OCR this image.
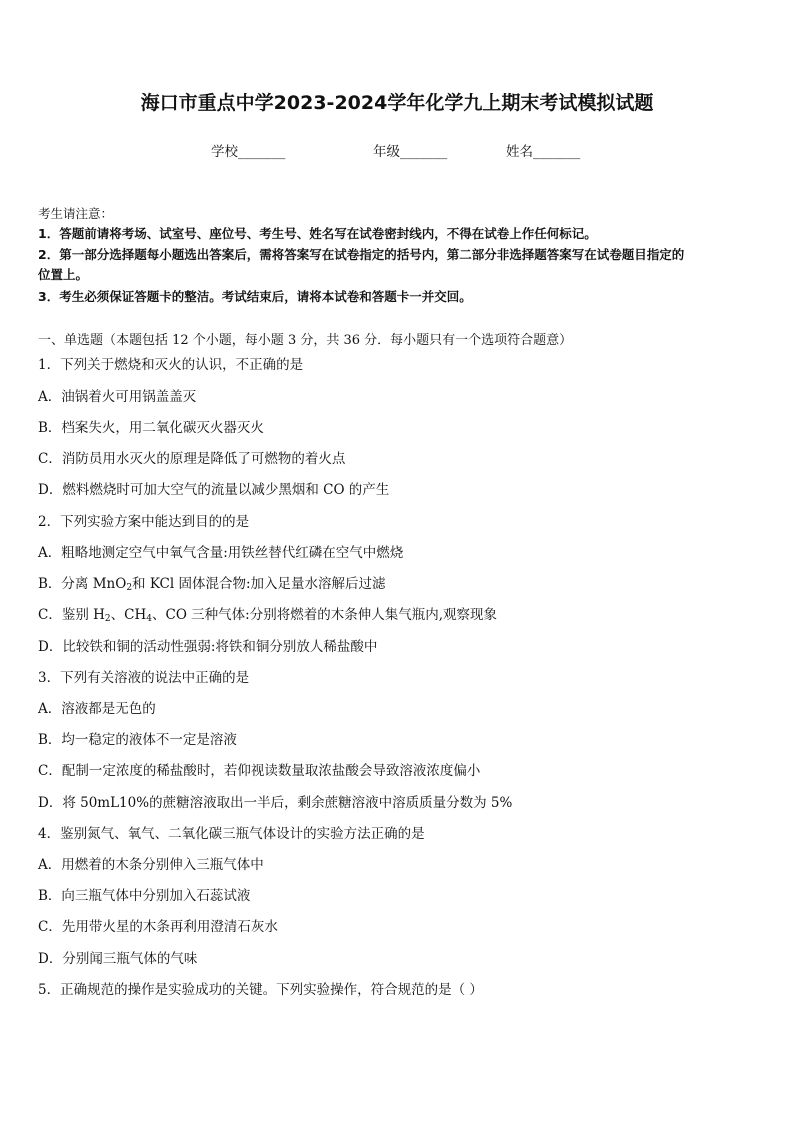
海口市重点中学2023-2024学年化学九上期末考试模拟试题
学校_______	年级_______	姓名_______
考生请注意：
1．答题前请将考场、试室号、座位号、考生号、姓名写在试卷密封线内，不得在试卷上作任何标记。
2．第一部分选择题每小题选出答案后，需将答案写在试卷指定的括号内，第二部分非选择题答案写在试卷题目指定的
位置上。
3．考生必须保证答题卡的整洁。考试结束后，请将本试卷和答题卡一并交回。
一、单选题（本题包括 12 个小题，每小题 3 分，共 36 分．每小题只有一个选项符合题意）
1．下列关于燃烧和灭火的认识，不正确的是
A．油锅着火可用锅盖盖灭
B．档案失火，用二氧化碳灭火器灭火
C．消防员用水灭火的原理是降低了可燃物的着火点
D．燃料燃烧时可加大空气的流量以减少黑烟和 CO 的产生
2．下列实验方案中能达到目的的是
A．粗略地测定空气中氧气含量:用铁丝替代红磷在空气中燃烧
B．分离 MnO$_2$和 KCl 固体混合物:加入足量水溶解后过滤
C．鉴别 $H_2$、$CH_4$、CO 三种气体:分别将燃着的木条伸人集气瓶内,观察现象
D．比较铁和铜的活动性强弱:将铁和铜分别放人稀盐酸中
3．下列有关溶液的说法中正确的是
A．溶液都是无色的
B．均一稳定的液体不一定是溶液
C．配制一定浓度的稀盐酸时，若仰视读数量取浓盐酸会导致溶液浓度偏小
D．将 50mL10%的蔗糖溶液取出一半后，剩余蔗糖溶液中溶质质量分数为 5%
4．鉴别氮气、氧气、二氧化碳三瓶气体设计的实验方法正确的是
A．用燃着的木条分别伸入三瓶气体中
B．向三瓶气体中分别加入石蕊试液
C．先用带火星的木条再利用澄清石灰水
D．分别闻三瓶气体的气味
5．正确规范的操作是实验成功的关键。下列实验操作，符合规范的是（ ）
